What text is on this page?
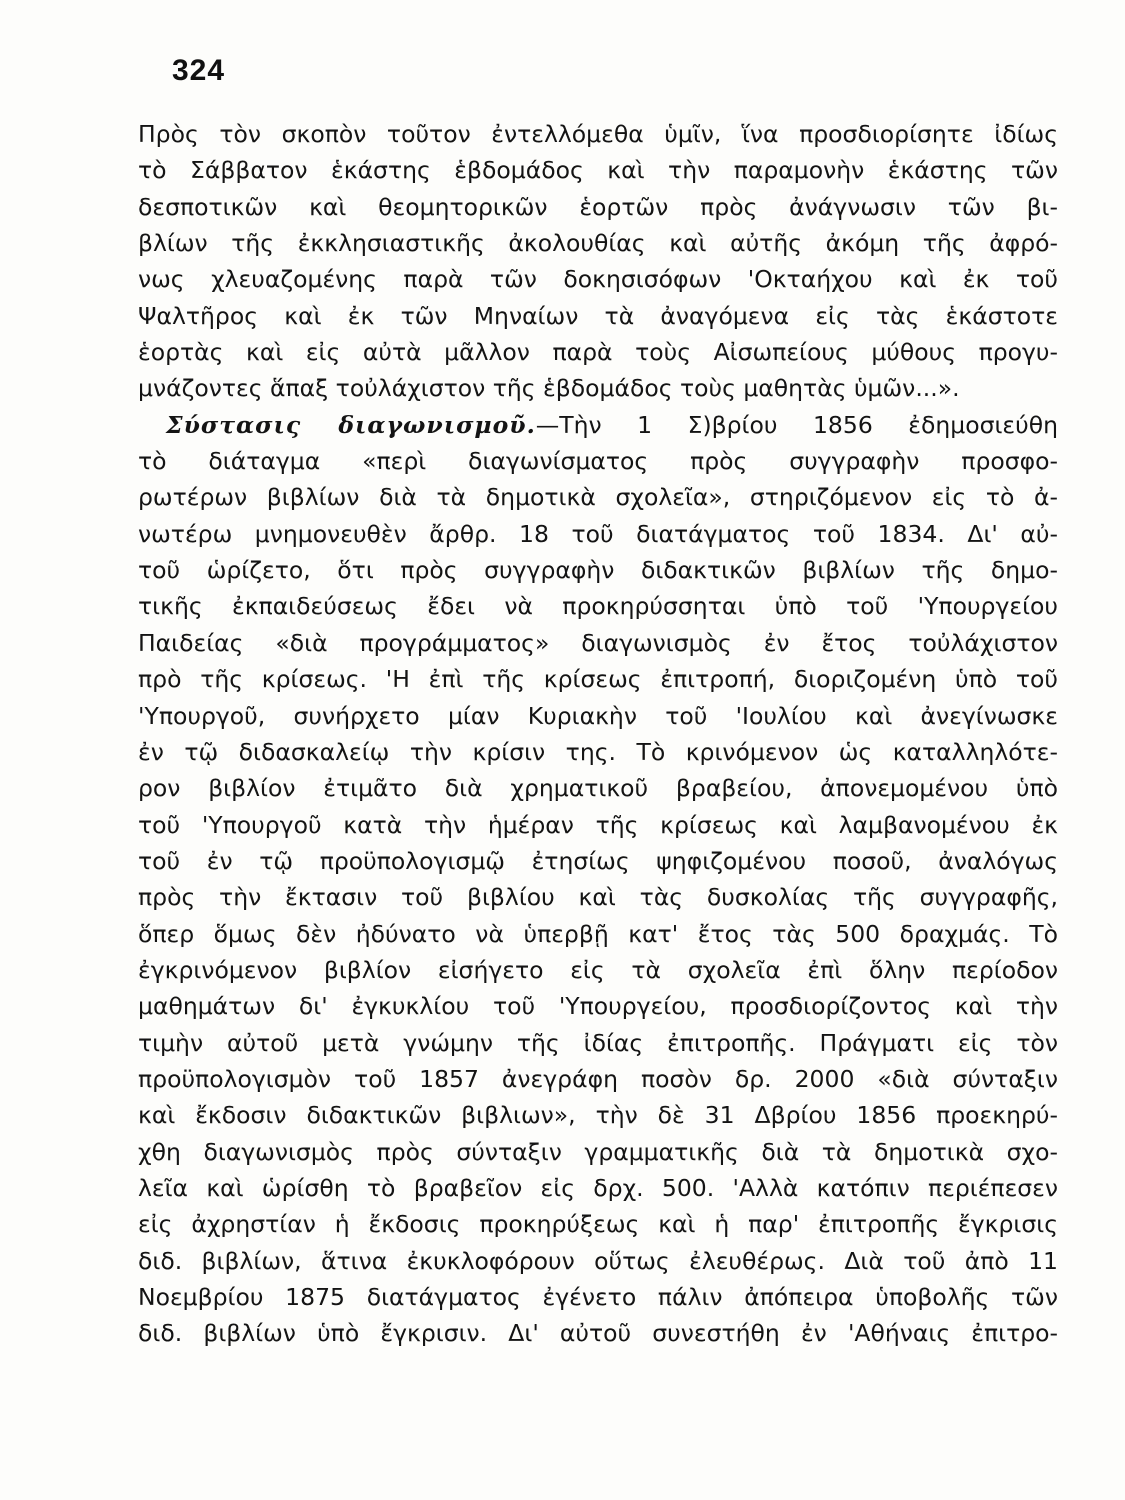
324
Πρὸς τὸν σκοπὸν τοῦτον ἐντελλόμεθα ὑμῖν, ἵνα προσδιορίσητε ἰδίως
τὸ Σάββατον ἑκάστης ἑβδομάδος καὶ τὴν παραμονὴν ἑκάστης τῶν
δεσποτικῶν καὶ θεομητορικῶν ἑορτῶν πρὸς ἀνάγνωσιν τῶν βι-
βλίων τῆς ἐκκλησιαστικῆς ἀκολουθίας καὶ αὐτῆς ἀκόμη τῆς ἀφρό-
νως χλευαζομένης παρὰ τῶν δοκησισόφων 'Οκταήχου καὶ ἐκ τοῦ
Ψαλτῆρος καὶ ἐκ τῶν Μηναίων τὰ ἀναγόμενα εἰς τὰς ἑκάστοτε
ἑορτὰς καὶ εἰς αὐτὰ μᾶλλον παρὰ τοὺς Αἰσωπείους μύθους προγυ-
μνάζοντες ἅπαξ τοὐλάχιστον τῆς ἑβδομάδος τοὺς μαθητὰς ὑμῶν...».
Σύστασις διαγωνισμοῦ.—Τὴν 1 Σ)βρίου 1856 ἐδημοσιεύθη
τὸ διάταγμα «περὶ διαγωνίσματος πρὸς συγγραφὴν προσφο-
ρωτέρων βιβλίων διὰ τὰ δημοτικὰ σχολεῖα», στηριζόμενον εἰς τὸ ἀ-
νωτέρω μνημονευθὲν ἄρθρ. 18 τοῦ διατάγματος τοῦ 1834. Δι' αὐ-
τοῦ ὡρίζετο, ὅτι πρὸς συγγραφὴν διδακτικῶν βιβλίων τῆς δημο-
τικῆς ἐκπαιδεύσεως ἔδει νὰ προκηρύσσηται ὑπὸ τοῦ 'Υπουργείου
Παιδείας «διὰ προγράμματος» διαγωνισμὸς ἐν ἔτος τοὐλάχιστον
πρὸ τῆς κρίσεως. 'Η ἐπὶ τῆς κρίσεως ἐπιτροπή, διοριζομένη ὑπὸ τοῦ
'Υπουργοῦ, συνήρχετο μίαν Κυριακὴν τοῦ 'Ιουλίου καὶ ἀνεγίνωσκε
ἐν τῷ διδασκαλείῳ τὴν κρίσιν της. Τὸ κρινόμενον ὡς καταλληλότε-
ρον βιβλίον ἐτιμᾶτο διὰ χρηματικοῦ βραβείου, ἀπονεμομένου ὑπὸ
τοῦ 'Υπουργοῦ κατὰ τὴν ἡμέραν τῆς κρίσεως καὶ λαμβανομένου ἐκ
τοῦ ἐν τῷ προϋπολογισμῷ ἐτησίως ψηφιζομένου ποσοῦ, ἀναλόγως
πρὸς τὴν ἔκτασιν τοῦ βιβλίου καὶ τὰς δυσκολίας τῆς συγγραφῆς,
ὅπερ ὅμως δὲν ἠδύνατο νὰ ὑπερβῇ κατ' ἔτος τὰς 500 δραχμάς. Τὸ
ἐγκρινόμενον βιβλίον εἰσήγετο εἰς τὰ σχολεῖα ἐπὶ ὅλην περίοδον
μαθημάτων δι' ἐγκυκλίου τοῦ 'Υπουργείου, προσδιορίζοντος καὶ τὴν
τιμὴν αὐτοῦ μετὰ γνώμην τῆς ἰδίας ἐπιτροπῆς. Πράγματι εἰς τὸν
προϋπολογισμὸν τοῦ 1857 ἀνεγράφη ποσὸν δρ. 2000 «διὰ σύνταξιν
καὶ ἔκδοσιν διδακτικῶν βιβλιων», τὴν δὲ 31 Δβρίου 1856 προεκηρύ-
χθη διαγωνισμὸς πρὸς σύνταξιν γραμματικῆς διὰ τὰ δημοτικὰ σχο-
λεῖα καὶ ὡρίσθη τὸ βραβεῖον εἰς δρχ. 500. 'Αλλὰ κατόπιν περιέπεσεν
εἰς ἀχρηστίαν ἡ ἔκδοσις προκηρύξεως καὶ ἡ παρ' ἐπιτροπῆς ἔγκρισις
διδ. βιβλίων, ἅτινα ἐκυκλοφόρουν οὕτως ἐλευθέρως. Διὰ τοῦ ἀπὸ 11
Νοεμβρίου 1875 διατάγματος ἐγένετο πάλιν ἀπόπειρα ὑποβολῆς τῶν
διδ. βιβλίων ὑπὸ ἔγκρισιν. Δι' αὐτοῦ συνεστήθη ἐν 'Αθήναις ἐπιτρο-
